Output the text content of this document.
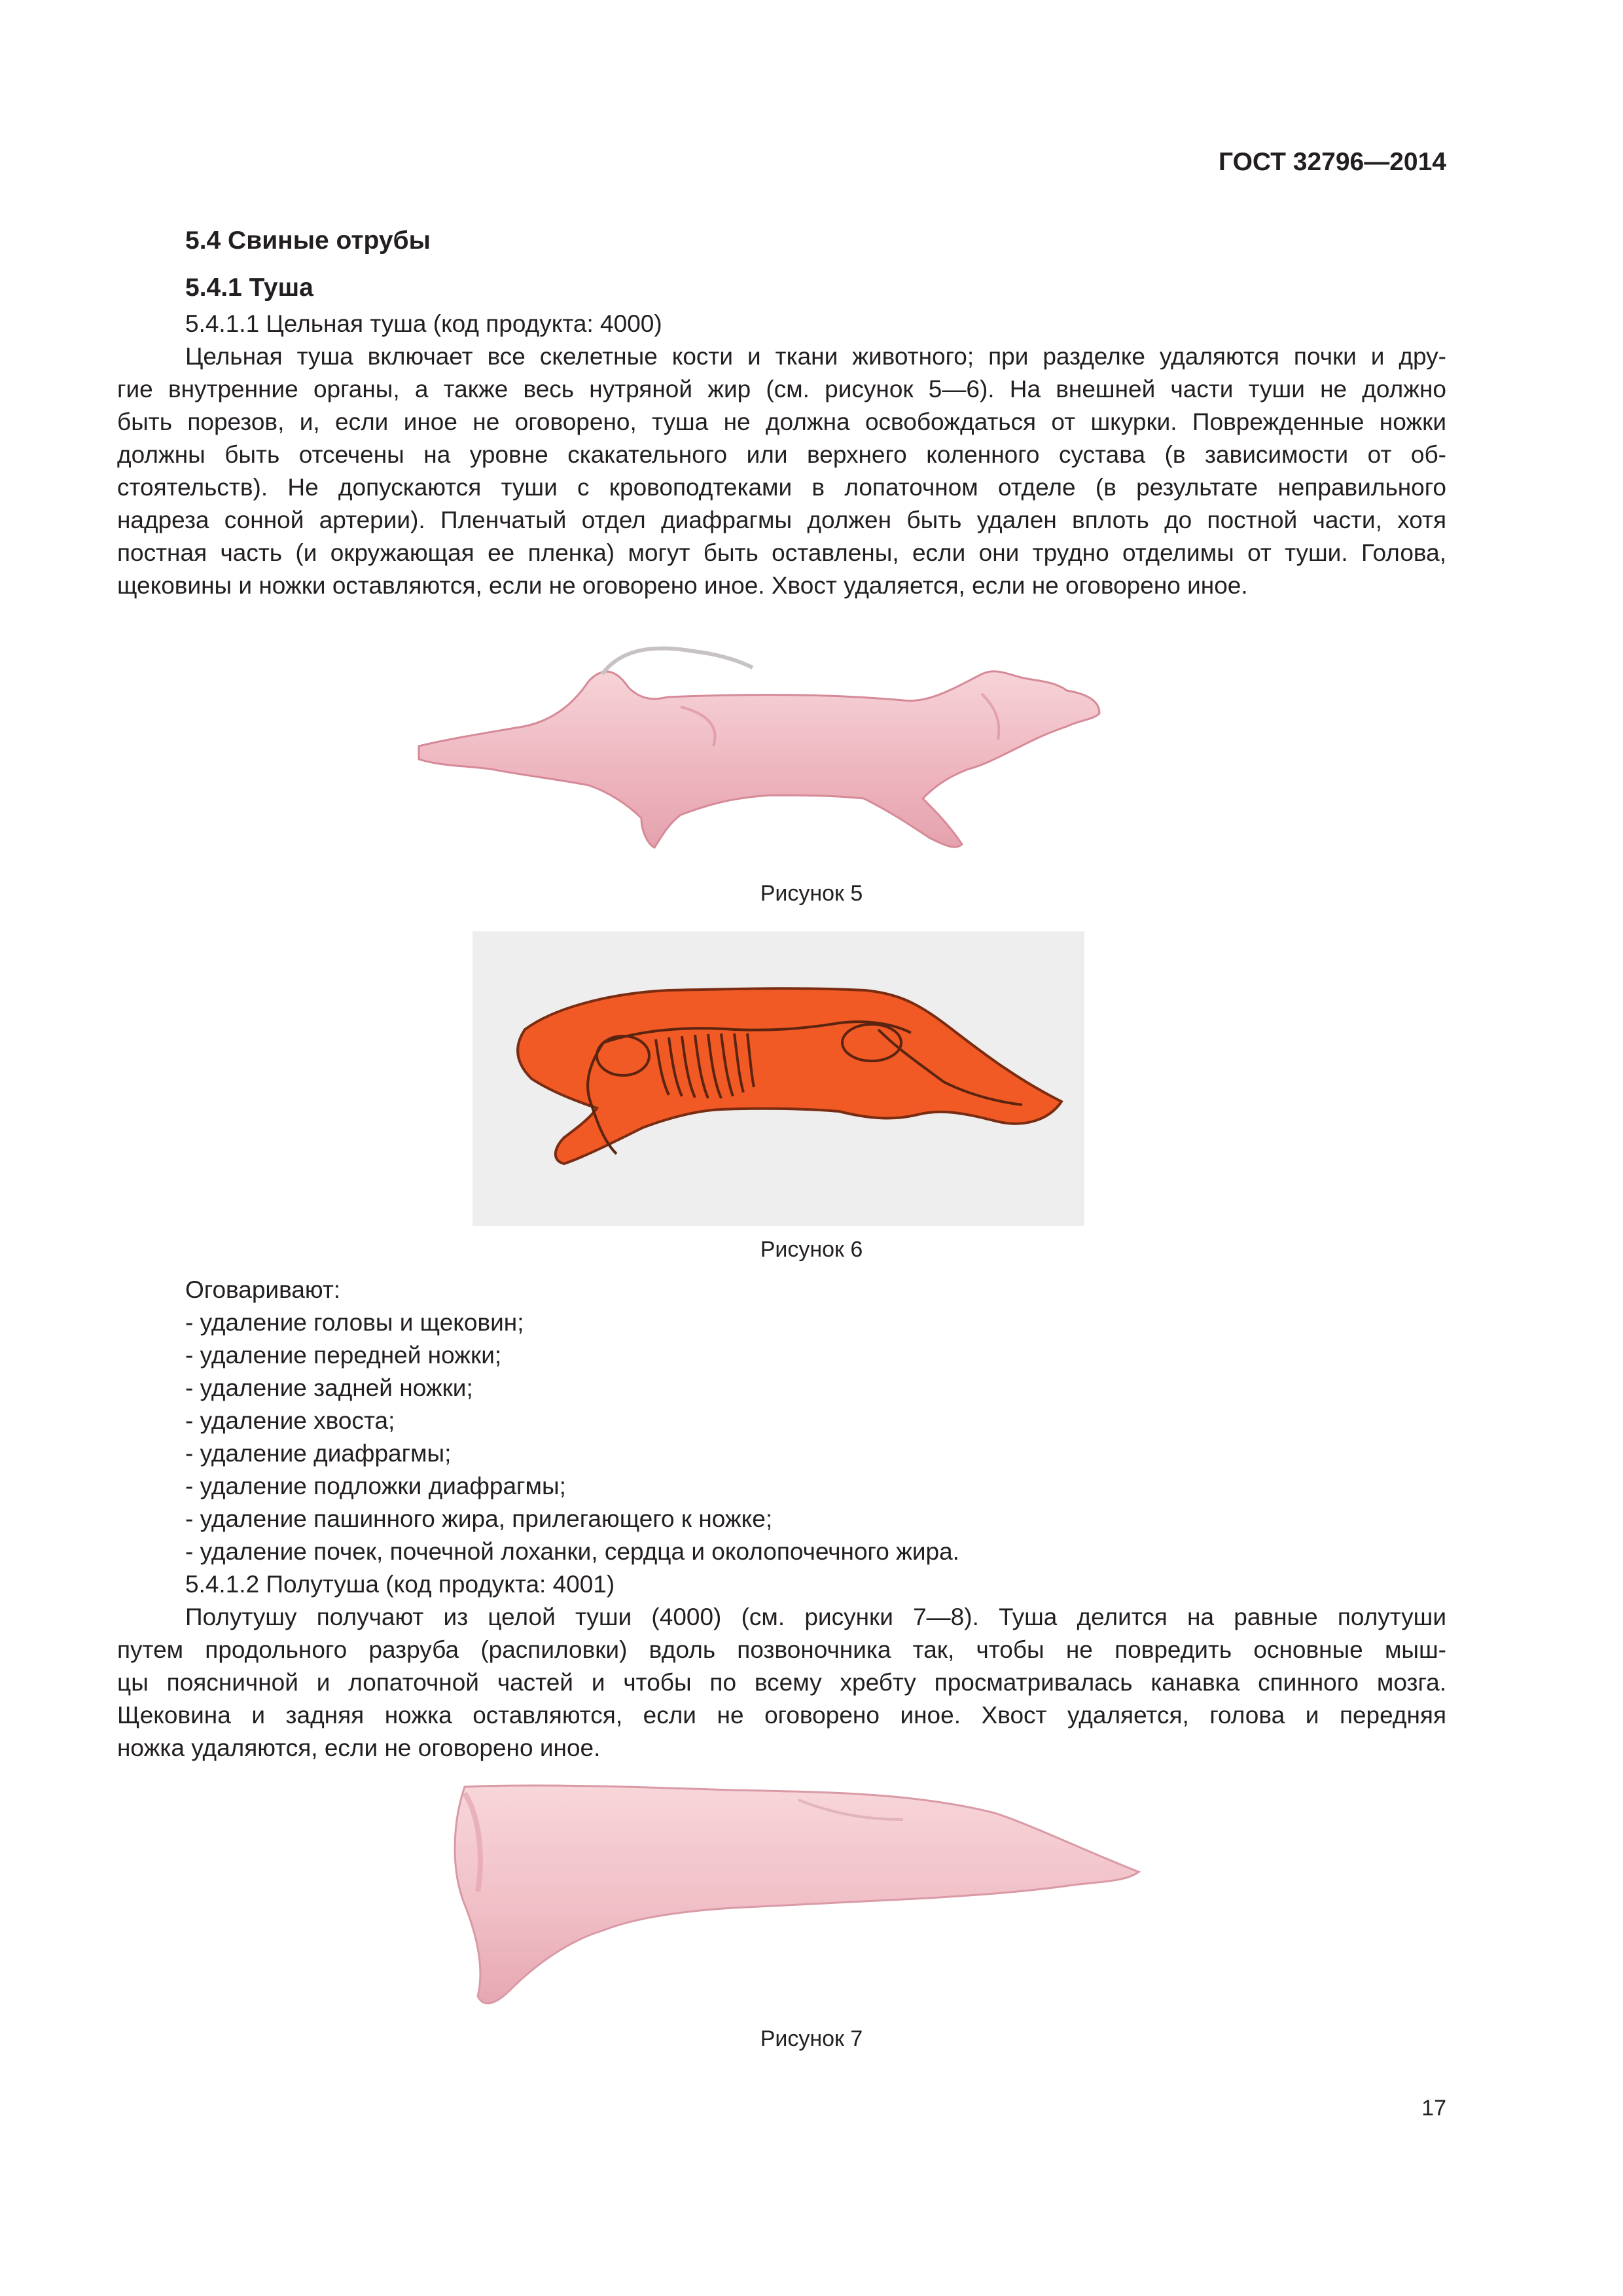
ГОСТ 32796—2014
5.4 Свиные отрубы
5.4.1 Туша
5.4.1.1 Цельная туша (код продукта: 4000)

Цельная туша включает все скелетные кости и ткани животного; при разделке удаляются почки и дру-

гие внутренние органы, а также весь нутряной жир (см. рисунок 5—6). На внешней части туши не должно

быть порезов, и, если иное не оговорено, туша не должна освобождаться от шкурки. Поврежденные ножки

должны быть отсечены на уровне скакательного или верхнего коленного сустава (в зависимости от об-

стоятельств). Не допускаются туши с кровоподтеками в лопаточном отделе (в результате неправильного

надреза сонной артерии). Пленчатый отдел диафрагмы должен быть удален вплоть до постной части, хотя

постная часть (и окружающая ее пленка) могут быть оставлены, если они трудно отделимы от туши. Голова,

щековины и ножки оставляются, если не оговорено иное. Хвост удаляется, если не оговорено иное.

Рисунок 5
Рисунок 6

Оговаривают:

- удаление головы и щековин;

- удаление передней ножки;

- удаление задней ножки;

- удаление хвоста;

- удаление диафрагмы;

- удаление подложки диафрагмы;

- удаление пашинного жира, прилегающего к ножке;

- удаление почек, почечной лоханки, сердца и околопочечного жира.

5.4.1.2 Полутуша (код продукта: 4001)

Полутушу получают из целой туши (4000) (см. рисунки 7—8). Туша делится на равные полутуши

путем продольного разруба (распиловки) вдоль позвоночника так, чтобы не повредить основные мыш-

цы поясничной и лопаточной частей и чтобы по всему хребту просматривалась канавка спинного мозга.

Щековина и задняя ножка оставляются, если не оговорено иное. Хвост удаляется, голова и передняя

ножка удаляются, если не оговорено иное.

Рисунок 7
17
